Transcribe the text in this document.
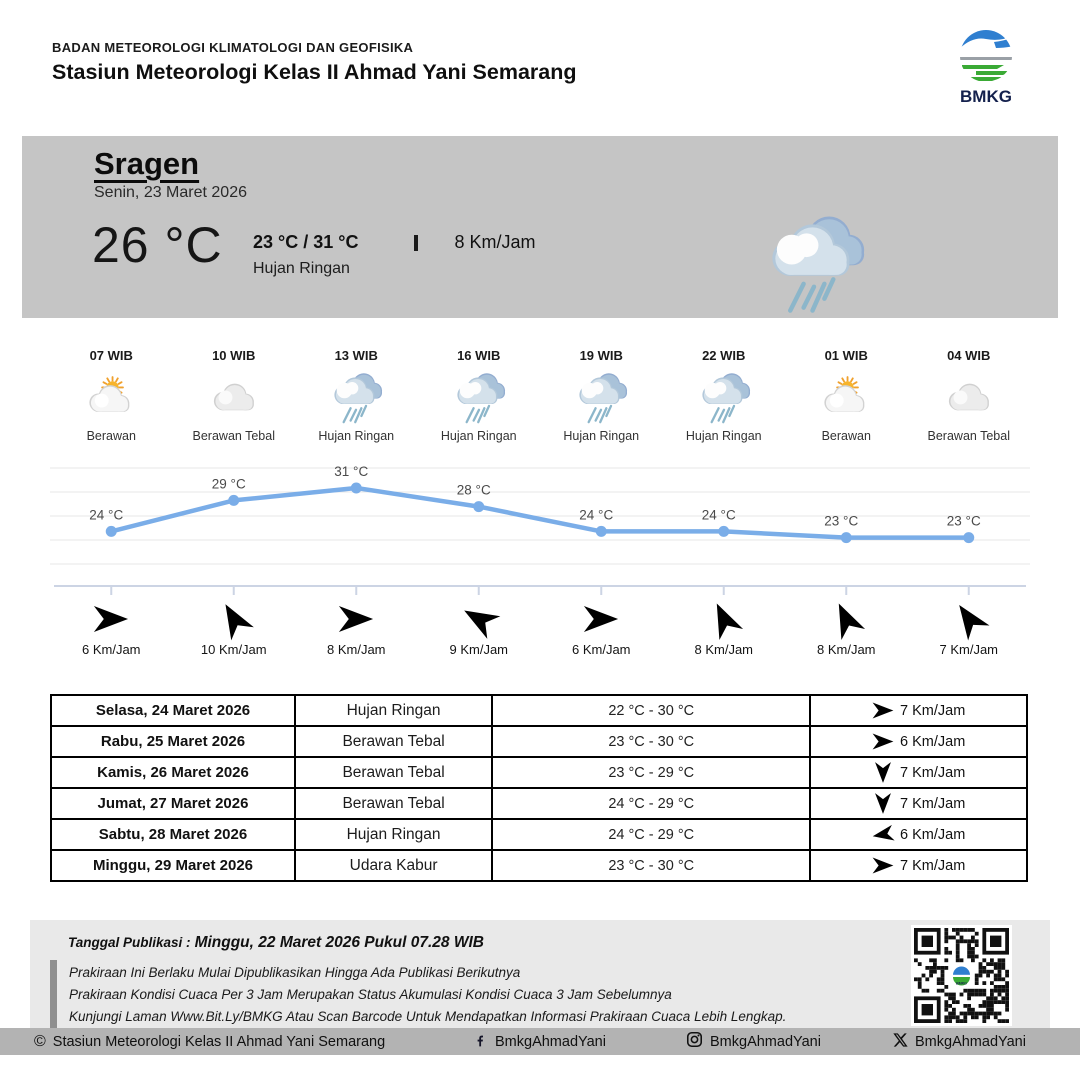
BADAN METEOROLOGI KLIMATOLOGI DAN GEOFISIKA
Stasiun Meteorologi Kelas II Ahmad Yani Semarang
BMKG
Sragen
Senin, 23 Maret 2026
26 °C 23 °C / 31 °C	8 Km/Jam
Hujan Ringan
07 WIB
Berawan
10 WIB
Berawan Tebal
13 WIB
Hujan Ringan
16 WIB
Hujan Ringan
19 WIB
Hujan Ringan
22 WIB
Hujan Ringan
01 WIB
Berawan
04 WIB
Berawan Tebal
24 °C
29 °C
31 °C
28 °C
24 °C	24 °C	23 °C	23 °C
6 Km/Jam	10 Km/Jam	8 Km/Jam	9 Km/Jam	6 Km/Jam	8 Km/Jam	8 Km/Jam	7 Km/Jam
Selasa, 24 Maret 2026	Hujan Ringan	22 °C - 30 °C	7 Km/Jam

Rabu, 25 Maret 2026	Berawan Tebal	23 °C - 30 °C	6 Km/Jam

Kamis, 26 Maret 2026	Berawan Tebal	23 °C - 29 °C	7 Km/Jam

Jumat, 27 Maret 2026	Berawan Tebal	24 °C - 29 °C	7 Km/Jam

Sabtu, 28 Maret 2026	Hujan Ringan	24 °C - 29 °C	6 Km/Jam

Minggu, 29 Maret 2026	Udara Kabur	23 °C - 30 °C	7 Km/Jam
Tanggal Publikasi : Minggu, 22 Maret 2026 Pukul 07.28 WIB
Prakiraan Ini Berlaku Mulai Dipublikasikan Hingga Ada Publikasi Berikutnya
Prakiraan Kondisi Cuaca Per 3 Jam Merupakan Status Akumulasi Kondisi Cuaca 3 Jam Sebelumnya
Kunjungi Laman Www.Bit.Ly/BMKG Atau Scan Barcode Untuk Mendapatkan Informasi Prakiraan Cuaca Lebih Lengkap.
BMKG
© Stasiun Meteorologi Kelas II Ahmad Yani Semarang	BmkgAhmadYani	BmkgAhmadYani	BmkgAhmadYani
